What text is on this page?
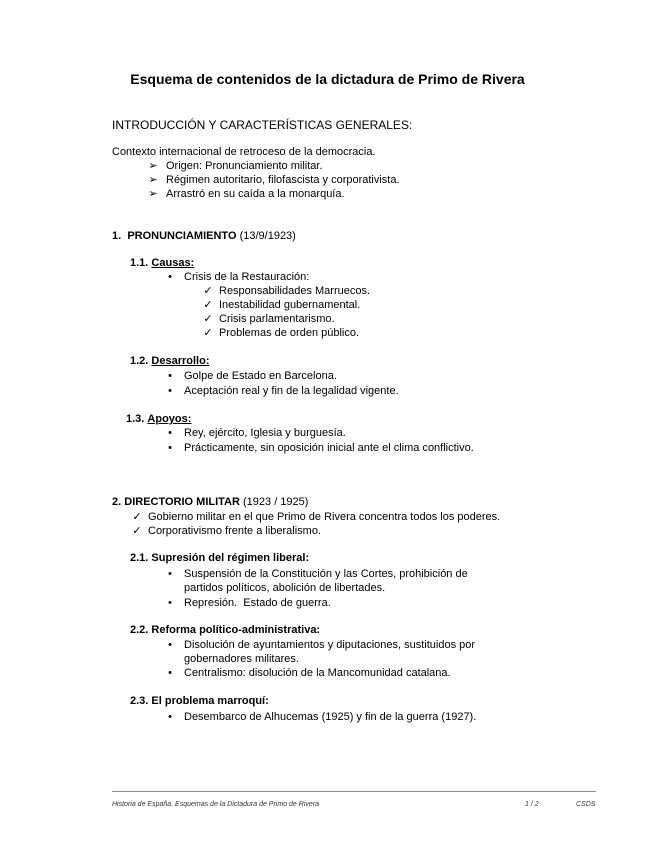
Esquema de contenidos de la dictadura de Primo de Rivera
INTRODUCCIÓN Y CARACTERÍSTICAS GENERALES:
Contexto internacional de retroceso de la democracia.
➢ Origen: Pronunciamiento militar.
➢ Régimen autoritario, filofascista y corporativista.
➢ Arrastró en su caída a la monarquía.
1. PRONUNCIAMIENTO (13/9/1923)
1.1. Causas:
•	Crisis de la Restauración:
✓ Responsabilidades Marruecos.
✓ Inestabilidad gubernamental.
✓ Crisis parlamentarismo.
✓ Problemas de orden público.
1.2. Desarrollo:
•	Golpe de Estado en Barcelona.
•	Aceptación real y fin de la legalidad vigente.
1.3. Apoyos:
•	Rey, ejército, Iglesia y burguesía.
•	Prácticamente, sin oposición inicial ante el clima conflictivo.
2. DIRECTORIO MILITAR (1923 / 1925)
✓ Gobierno militar en el que Primo de Rivera concentra todos los poderes.
✓ Corporativismo frente a liberalismo.
2.1. Supresión del régimen liberal:
•	Suspensión de la Constitución y las Cortes, prohibición de
partidos políticos, abolición de libertades.
•	Represión.  Estado de guerra.
2.2. Reforma político-administrativa:
•	Disolución de ayuntamientos y diputaciones, sustituidos por
gobernadores militares.
•	Centralismo: disolución de la Mancomunidad catalana.
2.3. El problema marroquí:
•	Desembarco de Alhucemas (1925) y fin de la guerra (1927).
Historia de España. Esquemas de la Dictadura de Primo de Rivera	1 / 2	CSDS
